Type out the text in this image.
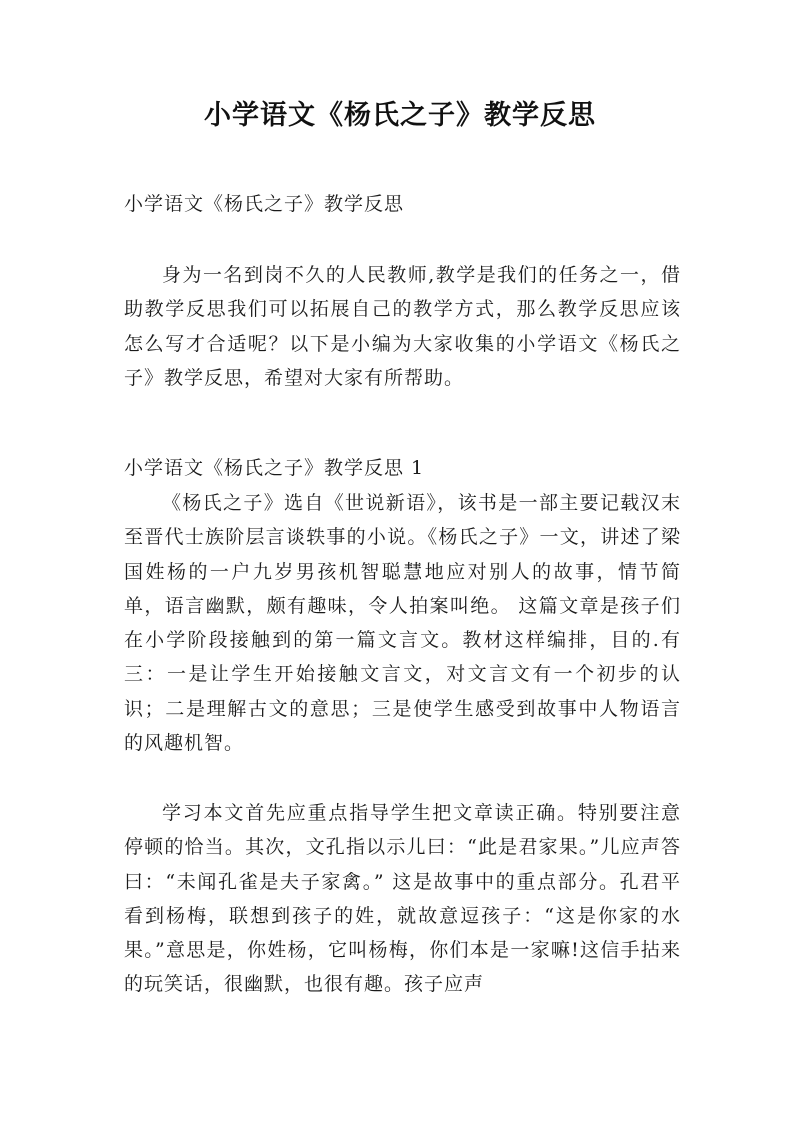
小学语文《杨氏之子》教学反思
小学语文《杨氏之子》教学反思

身为一名到岗不久的人民教师,教学是我们的任务之一，借助教学反思我们可以拓展自己的教学方式，那么教学反思应该怎么写才合适呢？以下是小编为大家收集的小学语文《杨氏之子》教学反思，希望对大家有所帮助。

小学语文《杨氏之子》教学反思 1

《杨氏之子》选自《世说新语》，该书是一部主要记载汉末至晋代士族阶层言谈轶事的小说。《杨氏之子》一文，讲述了梁国姓杨的一户九岁男孩机智聪慧地应对别人的故事，情节简单，语言幽默，颇有趣味，令人拍案叫绝。 这篇文章是孩子们在小学阶段接触到的第一篇文言文。教材这样编排，目的.有三：一是让学生开始接触文言文，对文言文有一个初步的认识；二是理解古文的意思；三是使学生感受到故事中人物语言的风趣机智。

学习本文首先应重点指导学生把文章读正确。特别要注意停顿的恰当。其次，文孔指以示儿曰：“此是君家果。”儿应声答曰：“未闻孔雀是夫子家禽。” 这是故事中的重点部分。孔君平看到杨梅，联想到孩子的姓，就故意逗孩子：“这是你家的水果。”意思是，你姓杨，它叫杨梅，你们本是一家嘛!这信手拈来的玩笑话，很幽默，也很有趣。孩子应声
